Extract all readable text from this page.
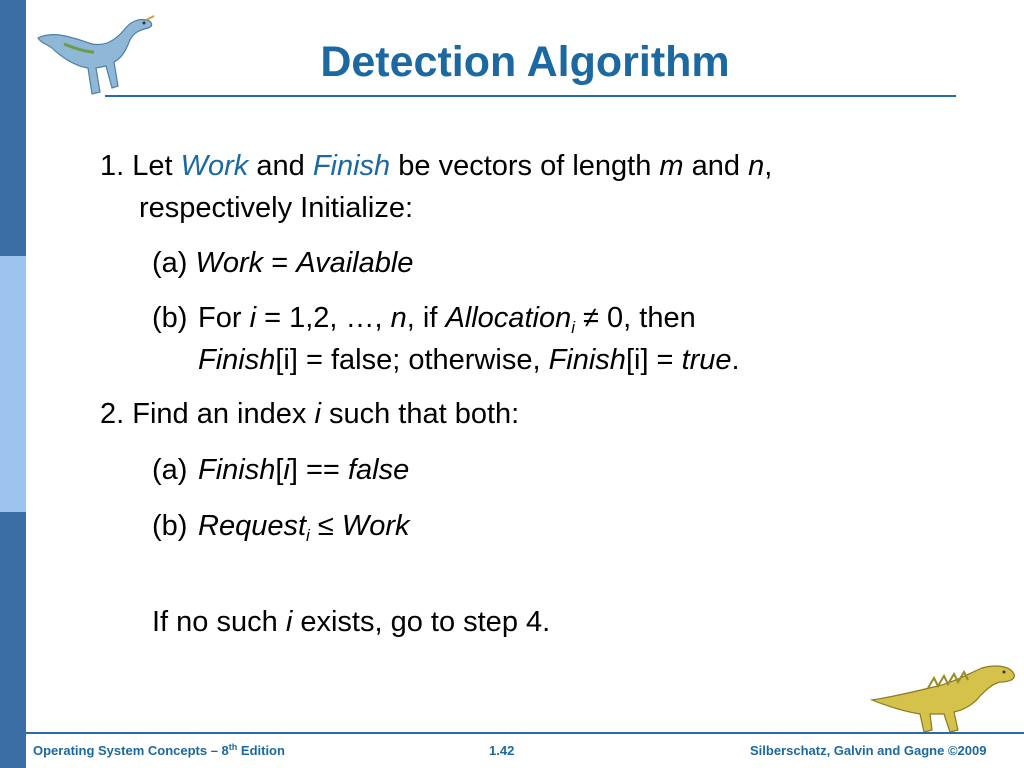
Detection Algorithm
1. Let Work and Finish be vectors of length m and n,
respectively Initialize:
(a) Work = Available
(b) For i = 1,2, …, n, if Allocation$_i$ ≠ 0, then
Finish[i] = false; otherwise, Finish[i] = true.
2. Find an index i such that both:
(a) Finish[i] == false
(b) Request$_i$ ≤ Work
If no such i exists, go to step 4.
Operating System Concepts – 8th Edition	1.42	Silberschatz, Galvin and Gagne ©2009
